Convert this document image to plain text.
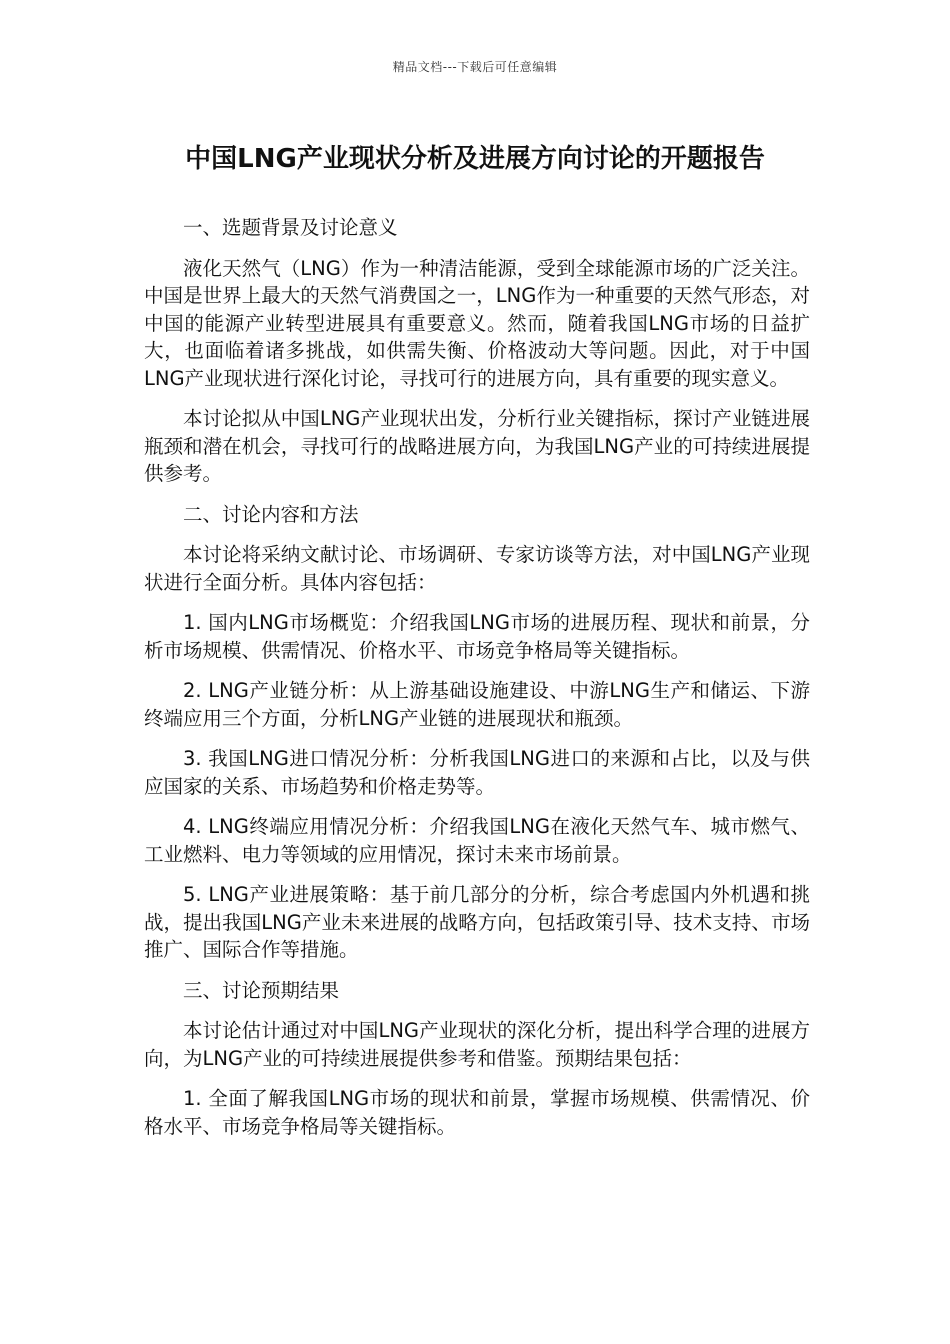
精品文档---下载后可任意编辑
中国LNG产业现状分析及进展方向讨论的开题报告

一、选题背景及讨论意义

液化天然气（LNG）作为一种清洁能源，受到全球能源市场的广泛关注。中国是世界上最大的天然气消费国之一，LNG作为一种重要的天然气形态，对中国的能源产业转型进展具有重要意义。然而，随着我国LNG市场的日益扩大，也面临着诸多挑战，如供需失衡、价格波动大等问题。因此，对于中国LNG产业现状进行深化讨论，寻找可行的进展方向，具有重要的现实意义。

本讨论拟从中国LNG产业现状出发，分析行业关键指标，探讨产业链进展瓶颈和潜在机会，寻找可行的战略进展方向，为我国LNG产业的可持续进展提供参考。

二、讨论内容和方法

本讨论将采纳文献讨论、市场调研、专家访谈等方法，对中国LNG产业现状进行全面分析。具体内容包括：

1. 国内LNG市场概览：介绍我国LNG市场的进展历程、现状和前景，分析市场规模、供需情况、价格水平、市场竞争格局等关键指标。

2. LNG产业链分析：从上游基础设施建设、中游LNG生产和储运、下游终端应用三个方面，分析LNG产业链的进展现状和瓶颈。

3. 我国LNG进口情况分析：分析我国LNG进口的来源和占比，以及与供应国家的关系、市场趋势和价格走势等。

4. LNG终端应用情况分析：介绍我国LNG在液化天然气车、城市燃气、工业燃料、电力等领域的应用情况，探讨未来市场前景。

5. LNG产业进展策略：基于前几部分的分析，综合考虑国内外机遇和挑战，提出我国LNG产业未来进展的战略方向，包括政策引导、技术支持、市场推广、国际合作等措施。

三、讨论预期结果

本讨论估计通过对中国LNG产业现状的深化分析，提出科学合理的进展方向，为LNG产业的可持续进展提供参考和借鉴。预期结果包括：

1. 全面了解我国LNG市场的现状和前景，掌握市场规模、供需情况、价格水平、市场竞争格局等关键指标。
